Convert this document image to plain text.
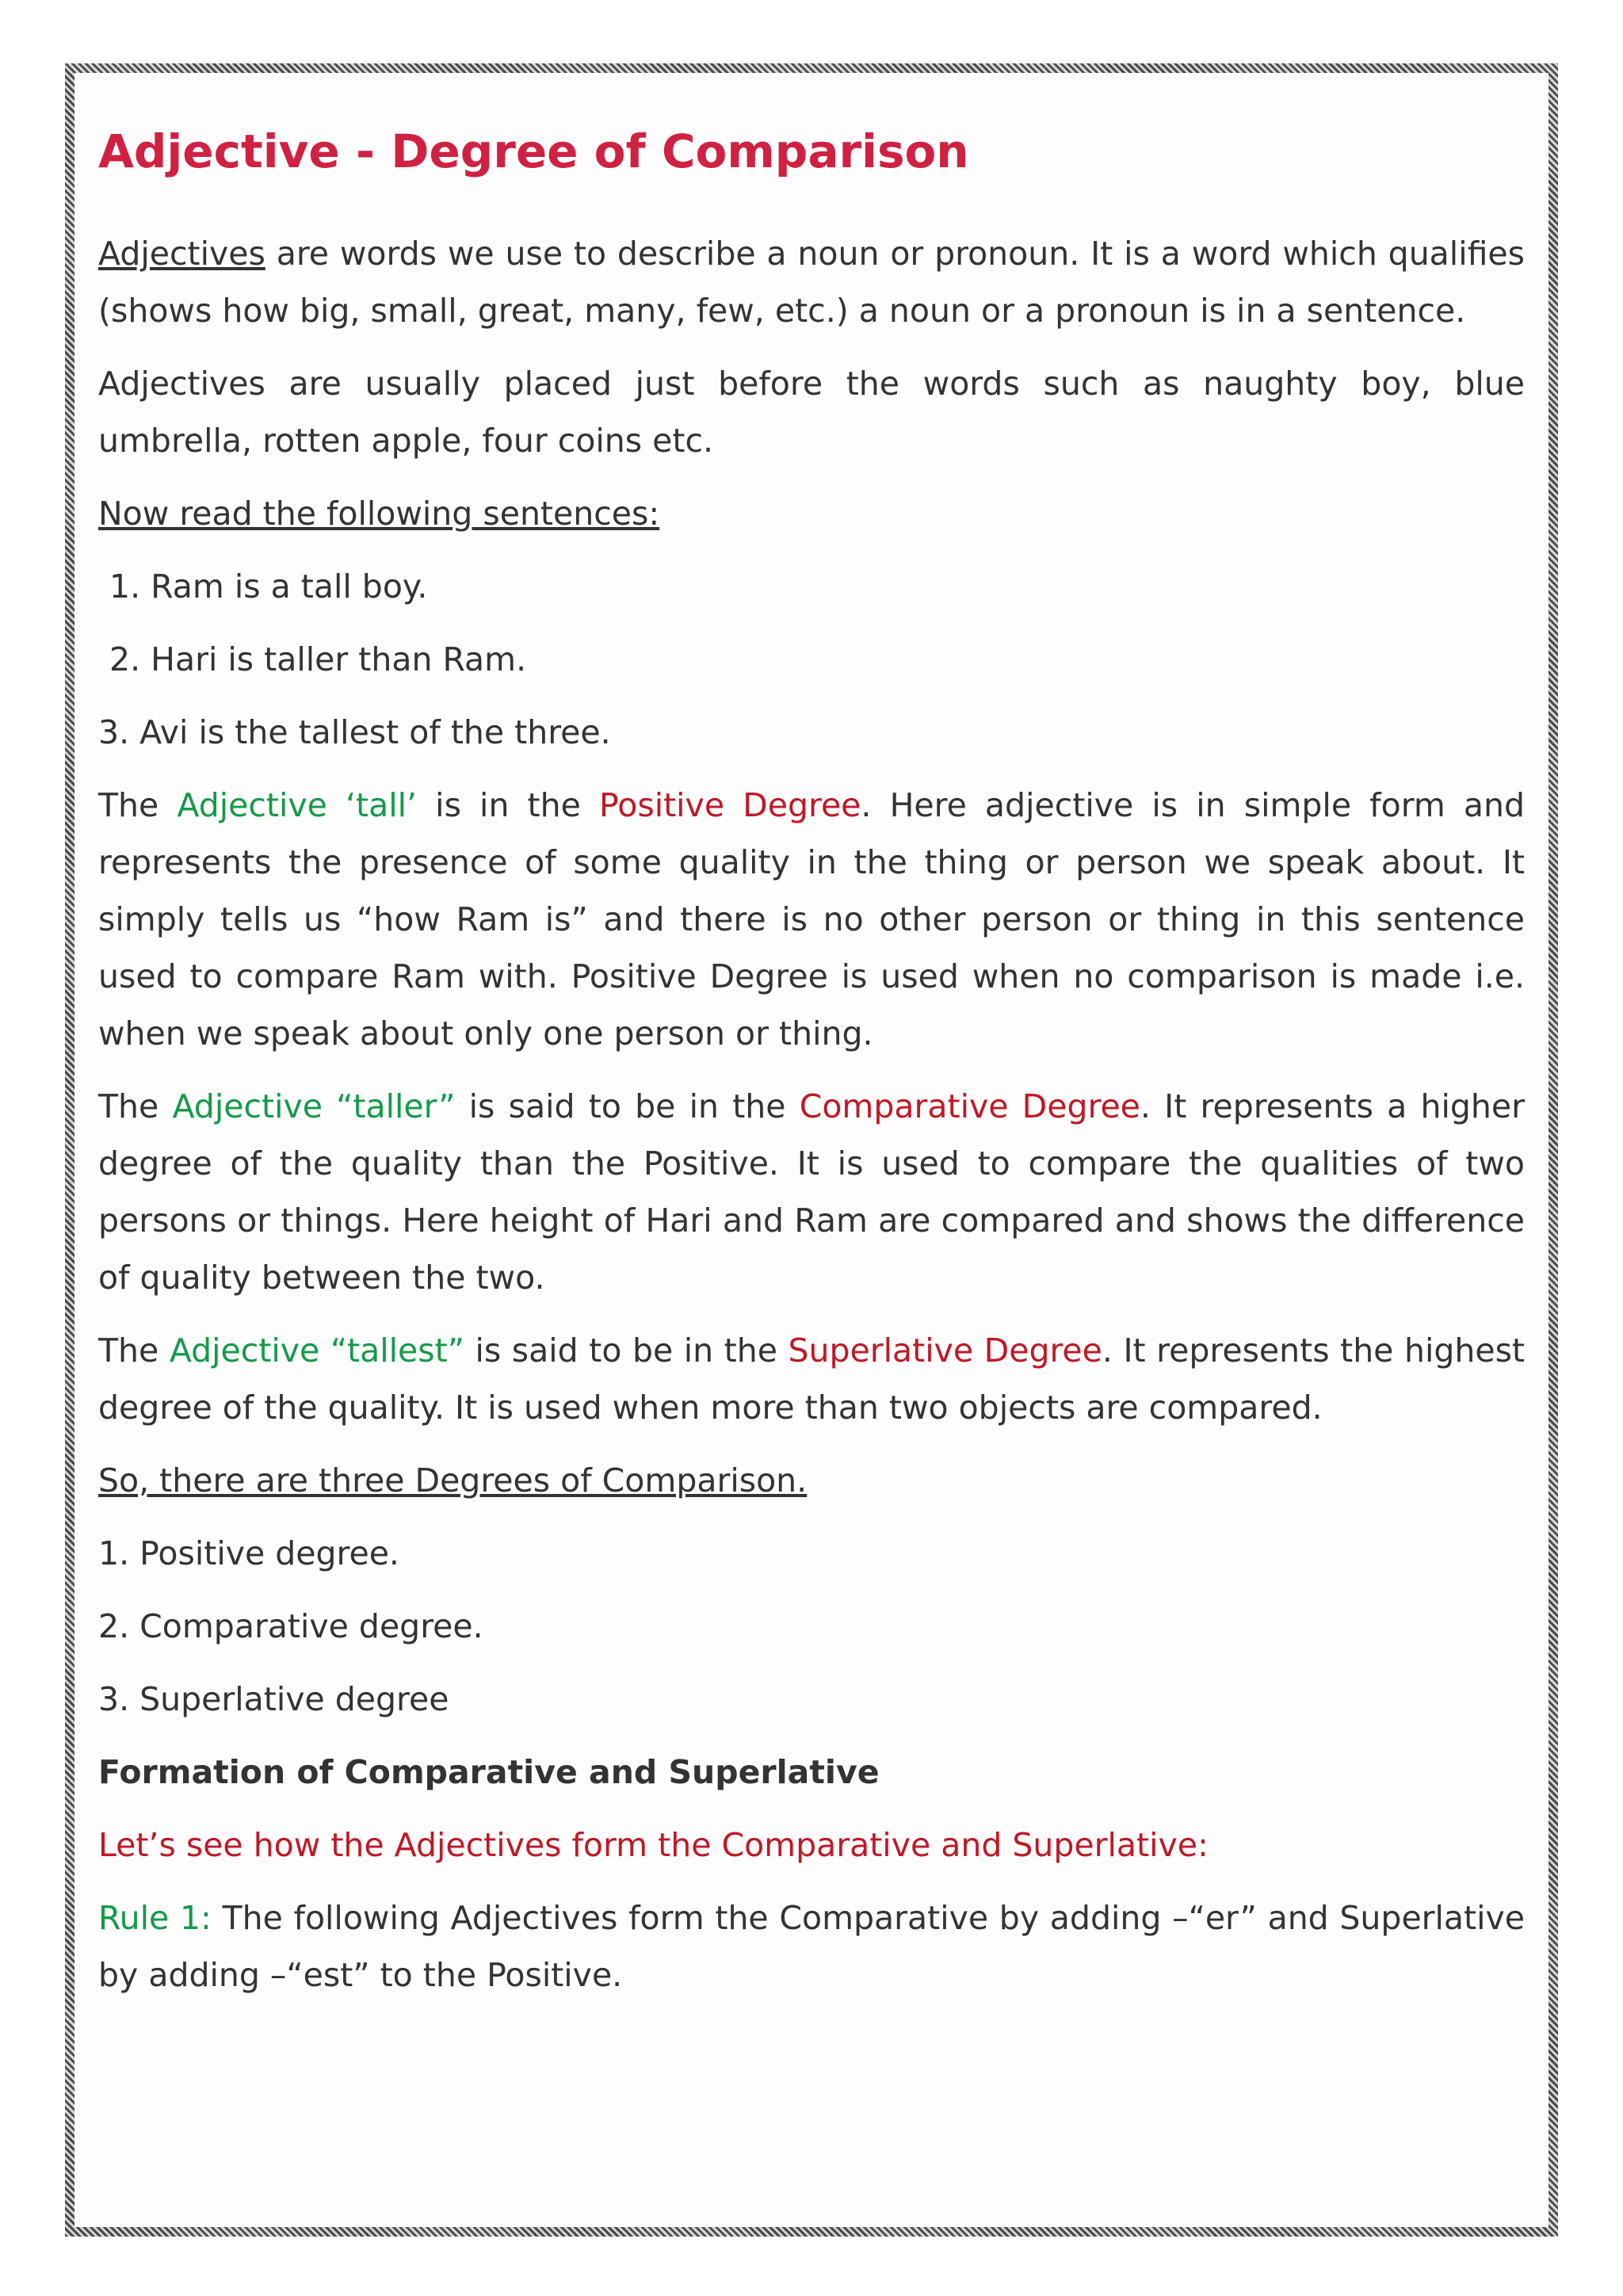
Adjective - Degree of Comparison

Adjectives are words we use to describe a noun or pronoun. It is a word which qualifies (shows how big, small, great, many, few, etc.) a noun or a pronoun is in a sentence.

Adjectives are usually placed just before the words such as naughty boy, blue umbrella, rotten apple, four coins etc.

Now read the following sentences:

1. Ram is a tall boy.

2. Hari is taller than Ram.

3. Avi is the tallest of the three.

The Adjective ‘tall’ is in the Positive Degree. Here adjective is in simple form and represents the presence of some quality in the thing or person we speak about. It simply tells us “how Ram is” and there is no other person or thing in this sentence used to compare Ram with. Positive Degree is used when no comparison is made i.e. when we speak about only one person or thing.

The Adjective “taller” is said to be in the Comparative Degree. It represents a higher degree of the quality than the Positive. It is used to compare the qualities of two persons or things. Here height of Hari and Ram are compared and shows the difference of quality between the two.

The Adjective “tallest” is said to be in the Superlative Degree. It represents the highest degree of the quality. It is used when more than two objects are compared.

So, there are three Degrees of Comparison.

1. Positive degree.

2. Comparative degree.

3. Superlative degree

Formation of Comparative and Superlative

Let’s see how the Adjectives form the Comparative and Superlative:

Rule 1: The following Adjectives form the Comparative by adding –“er” and Superlative by adding –“est” to the Positive.
